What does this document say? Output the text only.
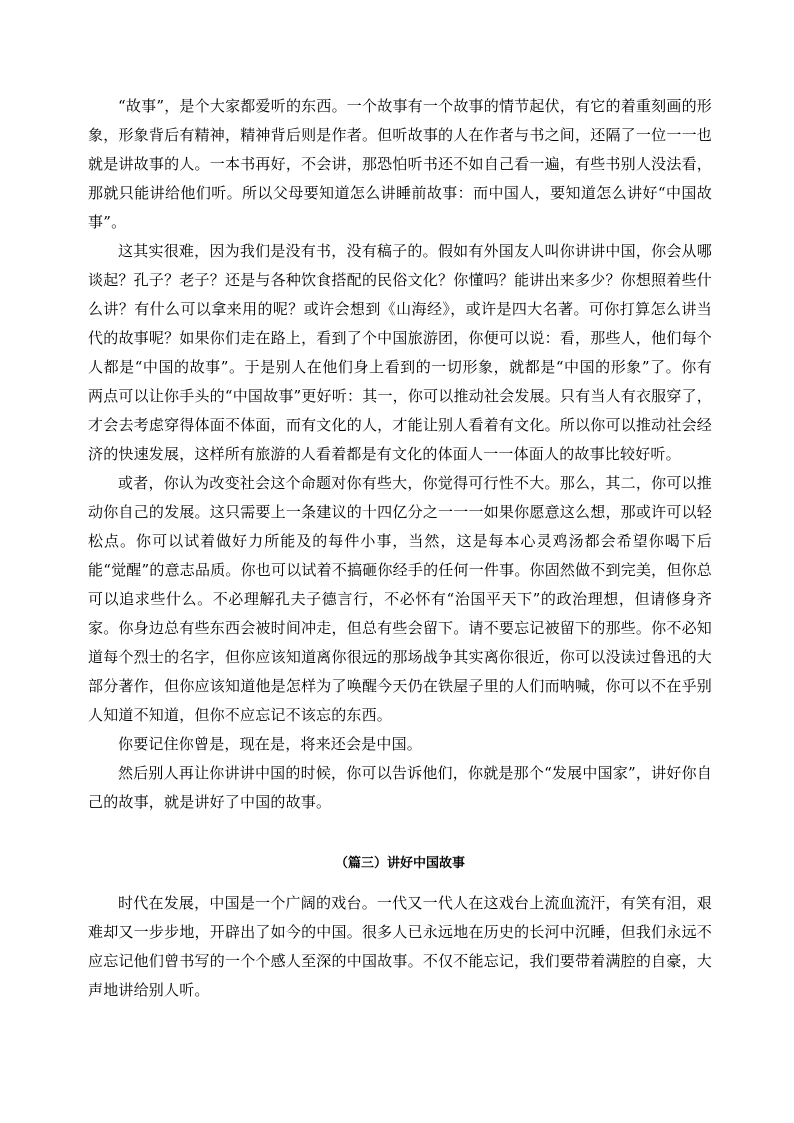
“故事”，是个大家都爱听的东西。一个故事有一个故事的情节起伏，有它的着重刻画的形象，形象背后有精神，精神背后则是作者。但听故事的人在作者与书之间，还隔了一位一一也就是讲故事的人。一本书再好，不会讲，那恐怕听书还不如自己看一遍，有些书别人没法看，那就只能讲给他们听。所以父母要知道怎么讲睡前故事：而中国人，要知道怎么讲好“中国故事”。

这其实很难，因为我们是没有书，没有稿子的。假如有外国友人叫你讲讲中国，你会从哪谈起？孔子？老子？还是与各种饮食搭配的民俗文化？你懂吗？能讲出来多少？你想照着些什么讲？有什么可以拿来用的呢？或许会想到《山海经》，或许是四大名著。可你打算怎么讲当代的故事呢？如果你们走在路上，看到了个中国旅游团，你便可以说：看，那些人，他们每个人都是“中国的故事”。于是别人在他们身上看到的一切形象，就都是“中国的形象”了。你有两点可以让你手头的“中国故事”更好听：其一，你可以推动社会发展。只有当人有衣服穿了，才会去考虑穿得体面不体面，而有文化的人，才能让别人看着有文化。所以你可以推动社会经济的快速发展，这样所有旅游的人看着都是有文化的体面人一一体面人的故事比较好听。

或者，你认为改变社会这个命题对你有些大，你觉得可行性不大。那么，其二，你可以推动你自己的发展。这只需要上一条建议的十四亿分之一一一如果你愿意这么想，那或许可以轻松点。你可以试着做好力所能及的每件小事，当然，这是每本心灵鸡汤都会希望你喝下后能“觉醒”的意志品质。你也可以试着不搞砸你经手的任何一件事。你固然做不到完美，但你总可以追求些什么。不必理解孔夫子德言行，不必怀有“治国平天下”的政治理想，但请修身齐家。你身边总有些东西会被时间冲走，但总有些会留下。请不要忘记被留下的那些。你不必知道每个烈士的名字，但你应该知道离你很远的那场战争其实离你很近，你可以没读过鲁迅的大部分著作，但你应该知道他是怎样为了唤醒今天仍在铁屋子里的人们而呐喊，你可以不在乎别人知道不知道，但你不应忘记不该忘的东西。

你要记住你曾是，现在是，将来还会是中国。

然后别人再让你讲讲中国的时候，你可以告诉他们，你就是那个“发展中国家”，讲好你自己的故事，就是讲好了中国的故事。

（篇三）讲好中国故事

时代在发展，中国是一个广阔的戏台。一代又一代人在这戏台上流血流汗，有笑有泪，艰难却又一步步地，开辟出了如今的中国。很多人已永远地在历史的长河中沉睡，但我们永远不应忘记他们曾书写的一个个感人至深的中国故事。不仅不能忘记，我们要带着满腔的自豪，大声地讲给别人听。
